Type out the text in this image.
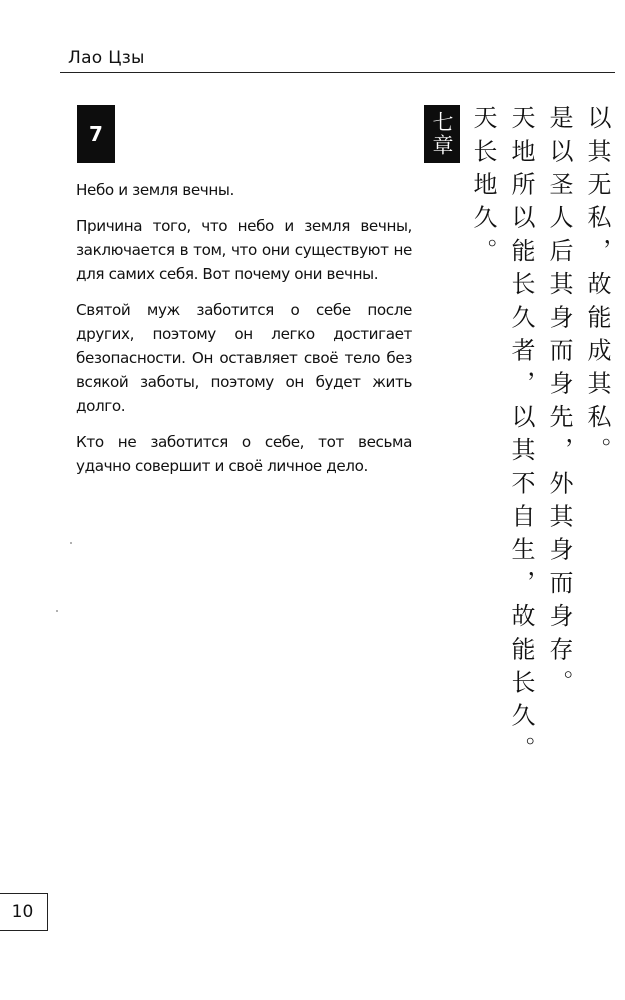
Лао Цзы
7

Небо и земля вечны.

Причина того, что небо и земля вечны, заключается в том, что они существуют не для самих себя. Вот почему они вечны.

Святой муж заботится о себе после других, поэтому он легко достигает безопасности. Он оставляет своё тело без всякой заботы, поэтому он будет жить долго.

Кто не заботится о себе, тот весьма удачно совершит и своё личное дело.

七章 天长地久。 天地所以能长久者，以其不自生，故能长久。 是以圣人后其身而身先，外其身而身存。 以其无私，故能成其私。
10
